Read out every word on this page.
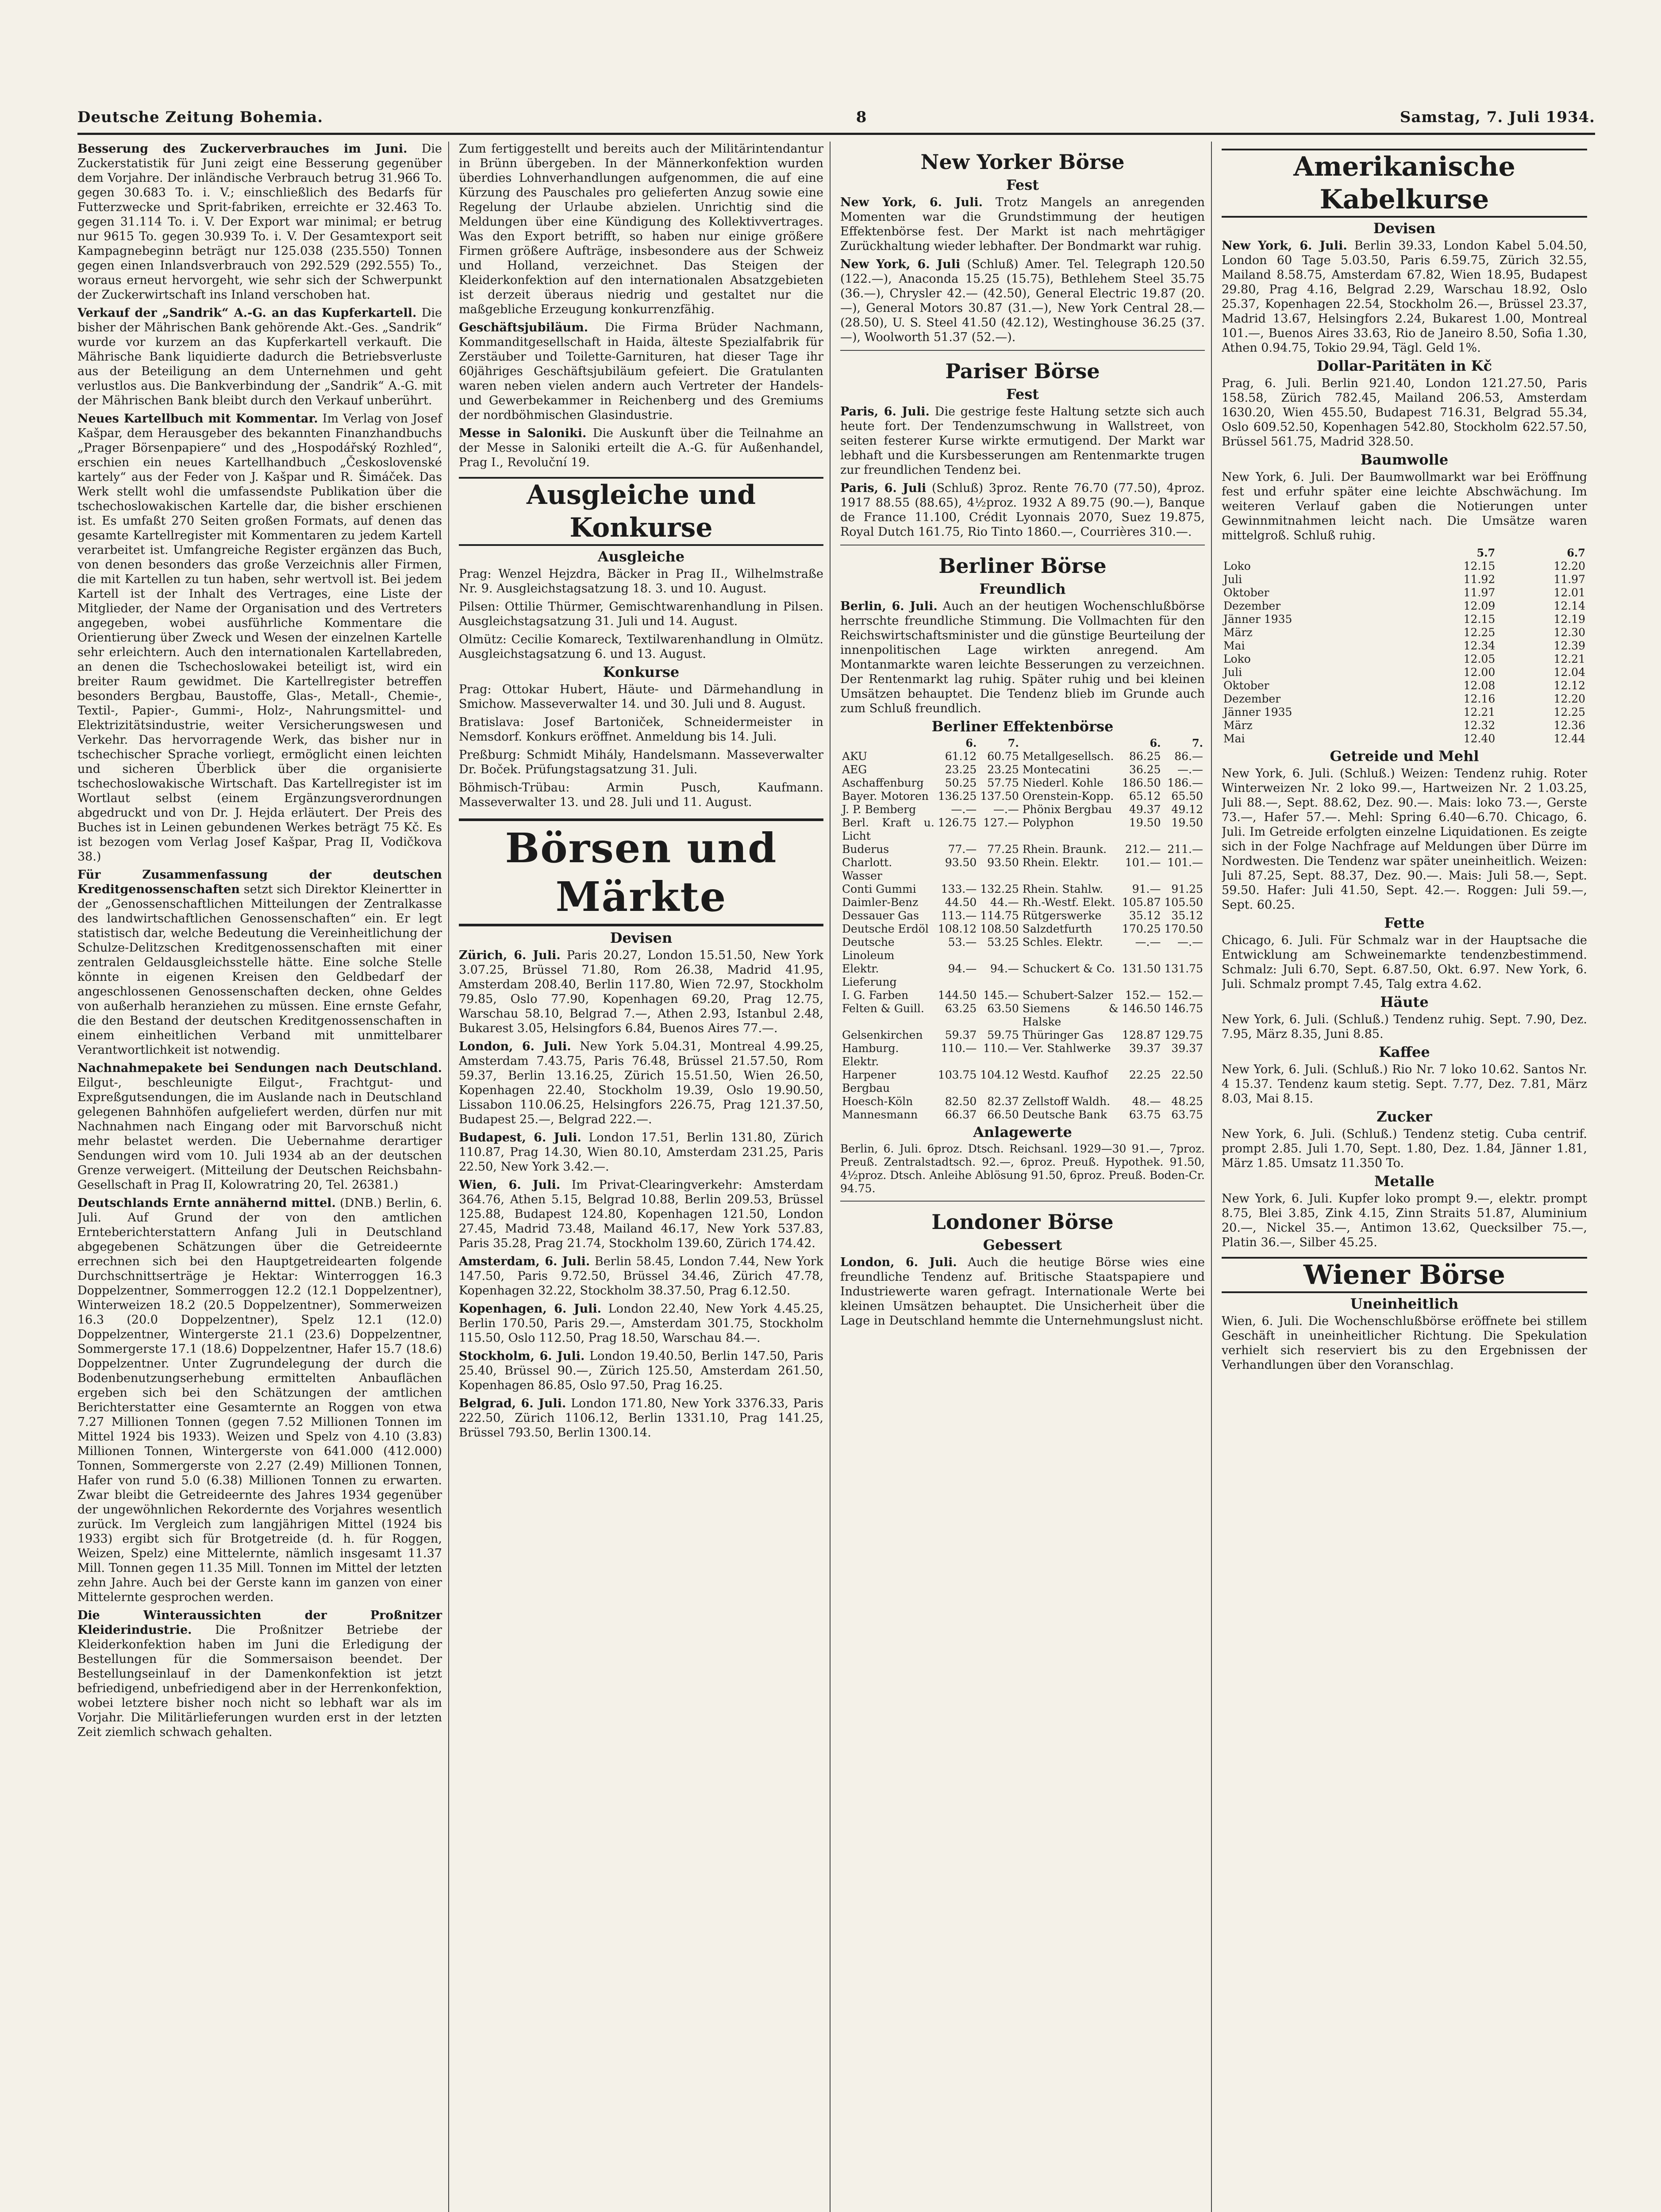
Deutsche Zeitung Bohemia.	8	Samstag, 7. Juli 1934.

Besserung des Zuckerverbrauches im Juni. Die Zuckerstatistik für Juni zeigt eine Besserung gegenüber dem Vorjahre. Der inländische Verbrauch betrug 31.966 To. gegen 30.683 To. i. V.; einschließlich des Bedarfs für Futterzwecke und Sprit-fabriken, erreichte er 32.463 To. gegen 31.114 To. i. V. Der Export war minimal; er betrug nur 9615 To. gegen 30.939 To. i. V. Der Gesamtexport seit Kampagnebeginn beträgt nur 125.038 (235.550) Tonnen gegen einen Inlandsverbrauch von 292.529 (292.555) To., woraus erneut hervorgeht, wie sehr sich der Schwerpunkt der Zuckerwirtschaft ins Inland verschoben hat.

Verkauf der „Sandrik“ A.-G. an das Kupferkartell. Die bisher der Mährischen Bank gehörende Akt.-Ges. „Sandrik“ wurde vor kurzem an das Kupferkartell verkauft. Die Mährische Bank liquidierte dadurch die Betriebsverluste aus der Beteiligung an dem Unternehmen und geht verlustlos aus. Die Bankverbindung der „Sandrik“ A.-G. mit der Mährischen Bank bleibt durch den Verkauf unberührt.

Neues Kartellbuch mit Kommentar. Im Verlag von Josef Kašpar, dem Herausgeber des bekannten Finanzhandbuchs „Prager Börsenpapiere“ und des „Hospodářský Rozhled“, erschien ein neues Kartellhandbuch „Československé kartely“ aus der Feder von J. Kašpar und R. Šimáček. Das Werk stellt wohl die umfassendste Publikation über die tschechoslowakischen Kartelle dar, die bisher erschienen ist. Es umfaßt 270 Seiten großen Formats, auf denen das gesamte Kartellregister mit Kommentaren zu jedem Kartell verarbeitet ist. Umfangreiche Register ergänzen das Buch, von denen besonders das große Verzeichnis aller Firmen, die mit Kartellen zu tun haben, sehr wertvoll ist. Bei jedem Kartell ist der Inhalt des Vertrages, eine Liste der Mitglieder, der Name der Organisation und des Vertreters angegeben, wobei ausführliche Kommentare die Orientierung über Zweck und Wesen der einzelnen Kartelle sehr erleichtern. Auch den internationalen Kartellabreden, an denen die Tschechoslowakei beteiligt ist, wird ein breiter Raum gewidmet. Die Kartellregister betreffen besonders Bergbau, Baustoffe, Glas-, Metall-, Chemie-, Textil-, Papier-, Gummi-, Holz-, Nahrungsmittel- und Elektrizitätsindustrie, weiter Versicherungswesen und Verkehr. Das hervorragende Werk, das bisher nur in tschechischer Sprache vorliegt, ermöglicht einen leichten und sicheren Überblick über die organisierte tschechoslowakische Wirtschaft. Das Kartellregister ist im Wortlaut selbst (einem Ergänzungsverordnungen abgedruckt und von Dr. J. Hejda erläutert. Der Preis des Buches ist in Leinen gebundenen Werkes beträgt 75 Kč. Es ist bezogen vom Verlag Josef Kašpar, Prag II, Vodičkova 38.)

Für Zusammenfassung der deutschen Kreditgenossenschaften setzt sich Direktor Kleinertter in der „Genossenschaftlichen Mitteilungen der Zentralkasse des landwirtschaftlichen Genossenschaften“ ein. Er legt statistisch dar, welche Bedeutung die Vereinheitlichung der Schulze-Delitzschen Kreditgenossenschaften mit einer zentralen Geldausgleichsstelle hätte. Eine solche Stelle könnte in eigenen Kreisen den Geldbedarf der angeschlossenen Genossenschaften decken, ohne Geldes von außerhalb heranziehen zu müssen. Eine ernste Gefahr, die den Bestand der deutschen Kreditgenossenschaften in einem einheitlichen Verband mit unmittelbarer Verantwortlichkeit ist notwendig.

Nachnahmepakete bei Sendungen nach Deutschland. Eilgut-, beschleunigte Eilgut-, Frachtgut- und Expreßgutsendungen, die im Auslande nach in Deutschland gelegenen Bahnhöfen aufgeliefert werden, dürfen nur mit Nachnahmen nach Eingang oder mit Barvorschuß nicht mehr belastet werden. Die Uebernahme derartiger Sendungen wird vom 10. Juli 1934 ab an der deutschen Grenze verweigert. (Mitteilung der Deutschen Reichsbahn-Gesellschaft in Prag II, Kolowratring 20, Tel. 26381.)

Deutschlands Ernte annähernd mittel. (DNB.) Berlin, 6. Juli. Auf Grund der von den amtlichen Ernteberichterstattern Anfang Juli in Deutschland abgegebenen Schätzungen über die Getreideernte errechnen sich bei den Hauptgetreidearten folgende Durchschnittserträge je Hektar: Winterroggen 16.3 Doppelzentner, Sommerroggen 12.2 (12.1 Doppelzentner), Winterweizen 18.2 (20.5 Doppelzentner), Sommerweizen 16.3 (20.0 Doppelzentner), Spelz 12.1 (12.0) Doppelzentner, Wintergerste 21.1 (23.6) Doppelzentner, Sommergerste 17.1 (18.6) Doppelzentner, Hafer 15.7 (18.6) Doppelzentner. Unter Zugrundelegung der durch die Bodenbenutzungserhebung ermittelten Anbauflächen ergeben sich bei den Schätzungen der amtlichen Berichterstatter eine Gesamternte an Roggen von etwa 7.27 Millionen Tonnen (gegen 7.52 Millionen Tonnen im Mittel 1924 bis 1933). Weizen und Spelz von 4.10 (3.83) Millionen Tonnen, Wintergerste von 641.000 (412.000) Tonnen, Sommergerste von 2.27 (2.49) Millionen Tonnen, Hafer von rund 5.0 (6.38) Millionen Tonnen zu erwarten. Zwar bleibt die Getreideernte des Jahres 1934 gegenüber der ungewöhnlichen Rekordernte des Vorjahres wesentlich zurück. Im Vergleich zum langjährigen Mittel (1924 bis 1933) ergibt sich für Brotgetreide (d. h. für Roggen, Weizen, Spelz) eine Mittelernte, nämlich insgesamt 11.37 Mill. Tonnen gegen 11.35 Mill. Tonnen im Mittel der letzten zehn Jahre. Auch bei der Gerste kann im ganzen von einer Mittelernte gesprochen werden.

Die Winteraussichten der Proßnitzer Kleiderindustrie. Die Proßnitzer Betriebe der Kleiderkonfektion haben im Juni die Erledigung der Bestellungen für die Sommersaison beendet. Der Bestellungseinlauf in der Damenkonfektion ist jetzt befriedigend, unbefriedigend aber in der Herrenkonfektion, wobei letztere bisher noch nicht so lebhaft war als im Vorjahr. Die Militärlieferungen wurden erst in der letzten Zeit ziemlich schwach gehalten.

Zum fertiggestellt und bereits auch der Militärintendantur in Brünn übergeben. In der Männerkonfektion wurden überdies Lohnverhandlungen aufgenommen, die auf eine Kürzung des Pauschales pro gelieferten Anzug sowie eine Regelung der Urlaube abzielen. Unrichtig sind die Meldungen über eine Kündigung des Kollektivvertrages. Was den Export betrifft, so haben nur einige größere Firmen größere Aufträge, insbesondere aus der Schweiz und Holland, verzeichnet. Das Steigen der Kleiderkonfektion auf den internationalen Absatzgebieten ist derzeit überaus niedrig und gestaltet nur die maßgebliche Erzeugung konkurrenzfähig.

Geschäftsjubiläum. Die Firma Brüder Nachmann, Kommanditgesellschaft in Haida, älteste Spezialfabrik für Zerstäuber und Toilette-Garnituren, hat dieser Tage ihr 60jähriges Geschäftsjubiläum gefeiert. Die Gratulanten waren neben vielen andern auch Vertreter der Handels- und Gewerbekammer in Reichenberg und des Gremiums der nordböhmischen Glasindustrie.

Messe in Saloniki. Die Auskunft über die Teilnahme an der Messe in Saloniki erteilt die A.-G. für Außenhandel, Prag I., Revoluční 19.

Ausgleiche und Konkurse
Ausgleiche

Prag: Wenzel Hejzdra, Bäcker in Prag II., Wilhelmstraße Nr. 9. Ausgleichstagsatzung 18. 3. und 10. August.

Pilsen: Ottilie Thürmer, Gemischtwarenhandlung in Pilsen. Ausgleichstagsatzung 31. Juli und 14. August.

Olmütz: Cecilie Komareck, Textilwarenhandlung in Olmütz. Ausgleichstagsatzung 6. und 13. August.

Konkurse

Prag: Ottokar Hubert, Häute- und Därmehandlung in Smichow. Masseverwalter 14. und 30. Juli und 8. August.

Bratislava: Josef Bartoniček, Schneidermeister in Nemsdorf. Konkurs eröffnet. Anmeldung bis 14. Juli.

Preßburg: Schmidt Mihály, Handelsmann. Masseverwalter Dr. Boček. Prüfungstagsatzung 31. Juli.

Böhmisch-Trübau: Armin Pusch, Kaufmann. Masseverwalter 13. und 28. Juli und 11. August.

Börsen und Märkte
Devisen

Zürich, 6. Juli. Paris 20.27, London 15.51.50, New York 3.07.25, Brüssel 71.80, Rom 26.38, Madrid 41.95, Amsterdam 208.40, Berlin 117.80, Wien 72.97, Stockholm 79.85, Oslo 77.90, Kopenhagen 69.20, Prag 12.75, Warschau 58.10, Belgrad 7.—, Athen 2.93, Istanbul 2.48, Bukarest 3.05, Helsingfors 6.84, Buenos Aires 77.—.

London, 6. Juli. New York 5.04.31, Montreal 4.99.25, Amsterdam 7.43.75, Paris 76.48, Brüssel 21.57.50, Rom 59.37, Berlin 13.16.25, Zürich 15.51.50, Wien 26.50, Kopenhagen 22.40, Stockholm 19.39, Oslo 19.90.50, Lissabon 110.06.25, Helsingfors 226.75, Prag 121.37.50, Budapest 25.—, Belgrad 222.—.

Budapest, 6. Juli. London 17.51, Berlin 131.80, Zürich 110.87, Prag 14.30, Wien 80.10, Amsterdam 231.25, Paris 22.50, New York 3.42.—.

Wien, 6. Juli. Im Privat-Clearingverkehr: Amsterdam 364.76, Athen 5.15, Belgrad 10.88, Berlin 209.53, Brüssel 125.88, Budapest 124.80, Kopenhagen 121.50, London 27.45, Madrid 73.48, Mailand 46.17, New York 537.83, Paris 35.28, Prag 21.74, Stockholm 139.60, Zürich 174.42.

Amsterdam, 6. Juli. Berlin 58.45, London 7.44, New York 147.50, Paris 9.72.50, Brüssel 34.46, Zürich 47.78, Kopenhagen 32.22, Stockholm 38.37.50, Prag 6.12.50.

Kopenhagen, 6. Juli. London 22.40, New York 4.45.25, Berlin 170.50, Paris 29.—, Amsterdam 301.75, Stockholm 115.50, Oslo 112.50, Prag 18.50, Warschau 84.—.

Stockholm, 6. Juli. London 19.40.50, Berlin 147.50, Paris 25.40, Brüssel 90.—, Zürich 125.50, Amsterdam 261.50, Kopenhagen 86.85, Oslo 97.50, Prag 16.25.

Belgrad, 6. Juli. London 171.80, New York 3376.33, Paris 222.50, Zürich 1106.12, Berlin 1331.10, Prag 141.25, Brüssel 793.50, Berlin 1300.14.

New Yorker Börse
Fest

New York, 6. Juli. Trotz Mangels an anregenden Momenten war die Grundstimmung der heutigen Effektenbörse fest. Der Markt ist nach mehrtägiger Zurückhaltung wieder lebhafter. Der Bondmarkt war ruhig.

New York, 6. Juli (Schluß) Amer. Tel. Telegraph 120.50 (122.—), Anaconda 15.25 (15.75), Bethlehem Steel 35.75 (36.—), Chrysler 42.— (42.50), General Electric 19.87 (20.—), General Motors 30.87 (31.—), New York Central 28.— (28.50), U. S. Steel 41.50 (42.12), Westinghouse 36.25 (37.—), Woolworth 51.37 (52.—).

Pariser Börse
Fest

Paris, 6. Juli. Die gestrige feste Haltung setzte sich auch heute fort. Der Tendenzumschwung in Wallstreet, von seiten festerer Kurse wirkte ermutigend. Der Markt war lebhaft und die Kursbesserungen am Rentenmarkte trugen zur freundlichen Tendenz bei.

Paris, 6. Juli (Schluß) 3proz. Rente 76.70 (77.50), 4proz. 1917 88.55 (88.65), 4½proz. 1932 A 89.75 (90.—), Banque de France 11.100, Crédit Lyonnais 2070, Suez 19.875, Royal Dutch 161.75, Rio Tinto 1860.—, Courrières 310.—.

Berliner Börse
Freundlich

Berlin, 6. Juli. Auch an der heutigen Wochenschlußbörse herrschte freundliche Stimmung. Die Vollmachten für den Reichswirtschaftsminister und die günstige Beurteilung der innenpolitischen Lage wirkten anregend. Am Montanmarkte waren leichte Besserungen zu verzeichnen. Der Rentenmarkt lag ruhig. Später ruhig und bei kleinen Umsätzen behauptet. Die Tendenz blieb im Grunde auch zum Schluß freundlich.

Berliner Effektenbörse
	6.	7.		6.	7.
AKU	61.12	60.75	Metallgesellsch.	86.25	86.—
AEG	23.25	23.25	Montecatini	36.25	—.—
Aschaffenburg	50.25	57.75	Niederl. Kohle	186.50	186.—
Bayer. Motoren	136.25	137.50	Orenstein-Kopp.	65.12	65.50
J. P. Bemberg	—.—	—.—	Phönix Bergbau	49.37	49.12
Berl. Kraft u. Licht	126.75	127.—	Polyphon	19.50	19.50
Buderus	77.—	77.25	Rhein. Braunk.	212.—	211.—
Charlott. Wasser	93.50	93.50	Rhein. Elektr.	101.—	101.—
Conti Gummi	133.—	132.25	Rhein. Stahlw.	91.—	91.25
Daimler-Benz	44.50	44.—	Rh.-Westf. Elekt.	105.87	105.50
Dessauer Gas	113.—	114.75	Rütgerswerke	35.12	35.12
Deutsche Erdöl	108.12	108.50	Salzdetfurth	170.25	170.50
Deutsche Linoleum	53.—	53.25	Schles. Elektr.	—.—	—.—
Elektr. Lieferung	94.—	94.—	Schuckert & Co.	131.50	131.75
I. G. Farben	144.50	145.—	Schubert-Salzer	152.—	152.—
Felten & Guill.	63.25	63.50	Siemens & Halske	146.50	146.75
Gelsenkirchen	59.37	59.75	Thüringer Gas	128.87	129.75
Hamburg. Elektr.	110.—	110.—	Ver. Stahlwerke	39.37	39.37
Harpener Bergbau	103.75	104.12	Westd. Kaufhof	22.25	22.50
Hoesch-Köln	82.50	82.37	Zellstoff Waldh.	48.—	48.25
Mannesmann	66.37	66.50	Deutsche Bank	63.75	63.75
Anlagewerte

Berlin, 6. Juli. 6proz. Dtsch. Reichsanl. 1929—30 91.—, 7proz. Preuß. Zentralstadtsch. 92.—, 6proz. Preuß. Hypothek. 91.50, 4½proz. Dtsch. Anleihe Ablösung 91.50, 6proz. Preuß. Boden-Cr. 94.75.

Londoner Börse
Gebessert

London, 6. Juli. Auch die heutige Börse wies eine freundliche Tendenz auf. Britische Staatspapiere und Industriewerte waren gefragt. Internationale Werte bei kleinen Umsätzen behauptet. Die Unsicherheit über die Lage in Deutschland hemmte die Unternehmungslust nicht.

Amerikanische Kabelkurse
Devisen

New York, 6. Juli. Berlin 39.33, London Kabel 5.04.50, London 60 Tage 5.03.50, Paris 6.59.75, Zürich 32.55, Mailand 8.58.75, Amsterdam 67.82, Wien 18.95, Budapest 29.80, Prag 4.16, Belgrad 2.29, Warschau 18.92, Oslo 25.37, Kopenhagen 22.54, Stockholm 26.—, Brüssel 23.37, Madrid 13.67, Helsingfors 2.24, Bukarest 1.00, Montreal 101.—, Buenos Aires 33.63, Rio de Janeiro 8.50, Sofia 1.30, Athen 0.94.75, Tokio 29.94, Tägl. Geld 1%.

Dollar-Paritäten in Kč

Prag, 6. Juli. Berlin 921.40, London 121.27.50, Paris 158.58, Zürich 782.45, Mailand 206.53, Amsterdam 1630.20, Wien 455.50, Budapest 716.31, Belgrad 55.34, Oslo 609.52.50, Kopenhagen 542.80, Stockholm 622.57.50, Brüssel 561.75, Madrid 328.50.

Baumwolle

New York, 6. Juli. Der Baumwollmarkt war bei Eröffnung fest und erfuhr später eine leichte Abschwächung. Im weiteren Verlauf gaben die Notierungen unter Gewinnmitnahmen leicht nach. Die Umsätze waren mittelgroß. Schluß ruhig.

	5.7	6.7
Loko	12.15	12.20
Juli	11.92	11.97
Oktober	11.97	12.01
Dezember	12.09	12.14
Jänner 1935	12.15	12.19
März	12.25	12.30
Mai	12.34	12.39
Loko	12.05	12.21
Juli	12.00	12.04
Oktober	12.08	12.12
Dezember	12.16	12.20
Jänner 1935	12.21	12.25
März	12.32	12.36
Mai	12.40	12.44
Getreide und Mehl

New York, 6. Juli. (Schluß.) Weizen: Tendenz ruhig. Roter Winterweizen Nr. 2 loko 99.—, Hartweizen Nr. 2 1.03.25, Juli 88.—, Sept. 88.62, Dez. 90.—. Mais: loko 73.—, Gerste 73.—, Hafer 57.—. Mehl: Spring 6.40—6.70. Chicago, 6. Juli. Im Getreide erfolgten einzelne Liquidationen. Es zeigte sich in der Folge Nachfrage auf Meldungen über Dürre im Nordwesten. Die Tendenz war später uneinheitlich. Weizen: Juli 87.25, Sept. 88.37, Dez. 90.—. Mais: Juli 58.—, Sept. 59.50. Hafer: Juli 41.50, Sept. 42.—. Roggen: Juli 59.—, Sept. 60.25.

Fette

Chicago, 6. Juli. Für Schmalz war in der Hauptsache die Entwicklung am Schweinemarkte tendenzbestimmend. Schmalz: Juli 6.70, Sept. 6.87.50, Okt. 6.97. New York, 6. Juli. Schmalz prompt 7.45, Talg extra 4.62.

Häute

New York, 6. Juli. (Schluß.) Tendenz ruhig. Sept. 7.90, Dez. 7.95, März 8.35, Juni 8.85.

Kaffee

New York, 6. Juli. (Schluß.) Rio Nr. 7 loko 10.62. Santos Nr. 4 15.37. Tendenz kaum stetig. Sept. 7.77, Dez. 7.81, März 8.03, Mai 8.15.

Zucker

New York, 6. Juli. (Schluß.) Tendenz stetig. Cuba centrif. prompt 2.85. Juli 1.70, Sept. 1.80, Dez. 1.84, Jänner 1.81, März 1.85. Umsatz 11.350 To.

Metalle

New York, 6. Juli. Kupfer loko prompt 9.—, elektr. prompt 8.75, Blei 3.85, Zink 4.15, Zinn Straits 51.87, Aluminium 20.—, Nickel 35.—, Antimon 13.62, Quecksilber 75.—, Platin 36.—, Silber 45.25.

Wiener Börse
Uneinheitlich

Wien, 6. Juli. Die Wochenschlußbörse eröffnete bei stillem Geschäft in uneinheitlicher Richtung. Die Spekulation verhielt sich reserviert bis zu den Ergebnissen der Verhandlungen über den Voranschlag.
